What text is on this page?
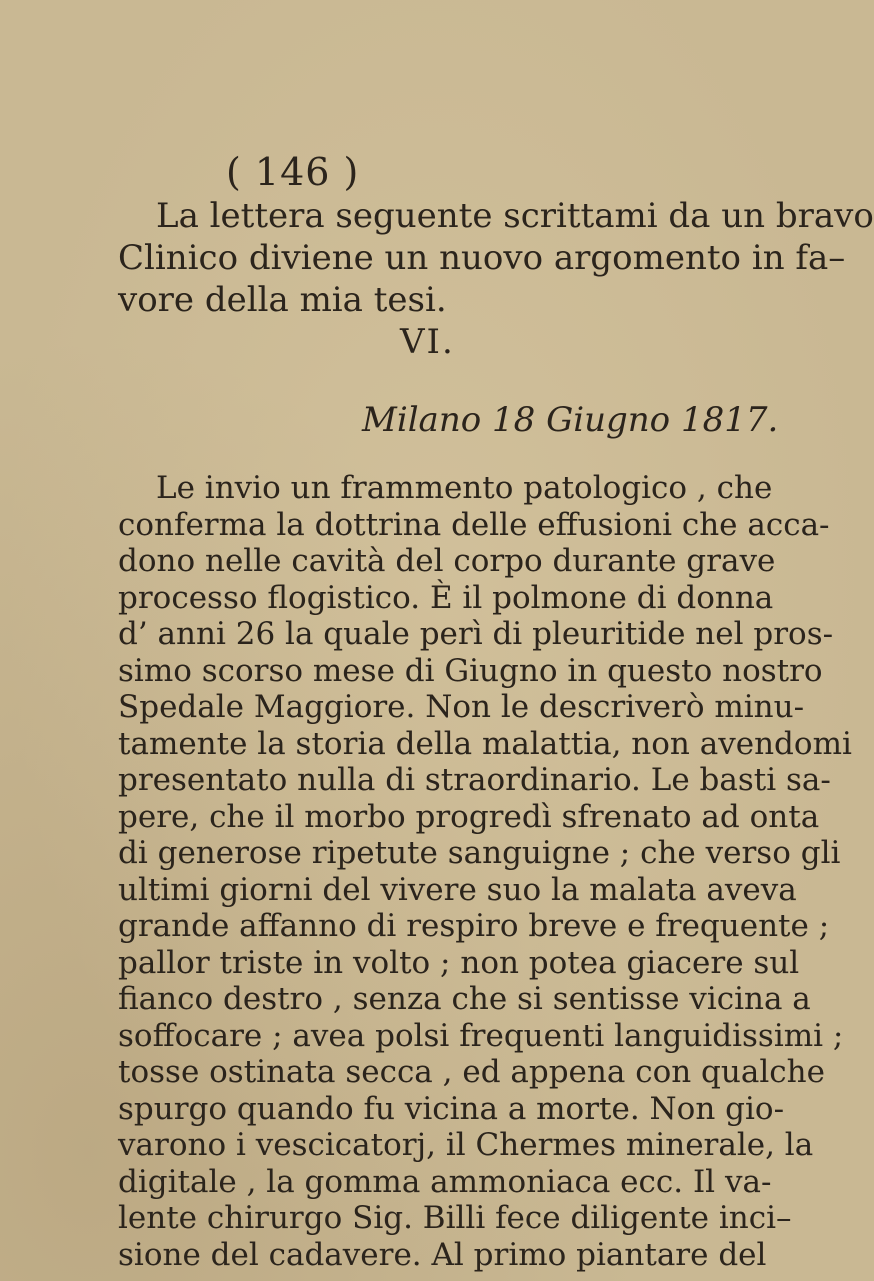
( 146 )
La lettera seguente scrittami da un bravo
Clinico diviene un nuovo argomento in fa–
vore della mia tesi.
VI.
Milano 18 Giugno 1817.
Le invio un frammento patologico , che
conferma la dottrina delle effusioni che acca-
dono nelle cavità del corpo durante grave
processo flogistico. È il polmone di donna
d’ anni 26 la quale perì di pleuritide nel pros-
simo scorso mese di Giugno in questo nostro
Spedale Maggiore. Non le descriverò minu-
tamente la storia della malattia, non avendomi
presentato nulla di straordinario. Le basti sa-
pere, che il morbo progredì sfrenato ad onta
di generose ripetute sanguigne ; che verso gli
ultimi giorni del vivere suo la malata aveva
grande affanno di respiro breve e frequente ;
pallor triste in volto ; non potea giacere sul
fianco destro , senza che si sentisse vicina a
soffocare ; avea polsi frequenti languidissimi ;
tosse ostinata secca , ed appena con qualche
spurgo quando fu vicina a morte. Non gio-
varono i vescicatorj, il Chermes minerale, la
digitale , la gomma ammoniaca ecc. Il va-
lente chirurgo Sig. Billi fece diligente inci–
sione del cadavere. Al primo piantare del
